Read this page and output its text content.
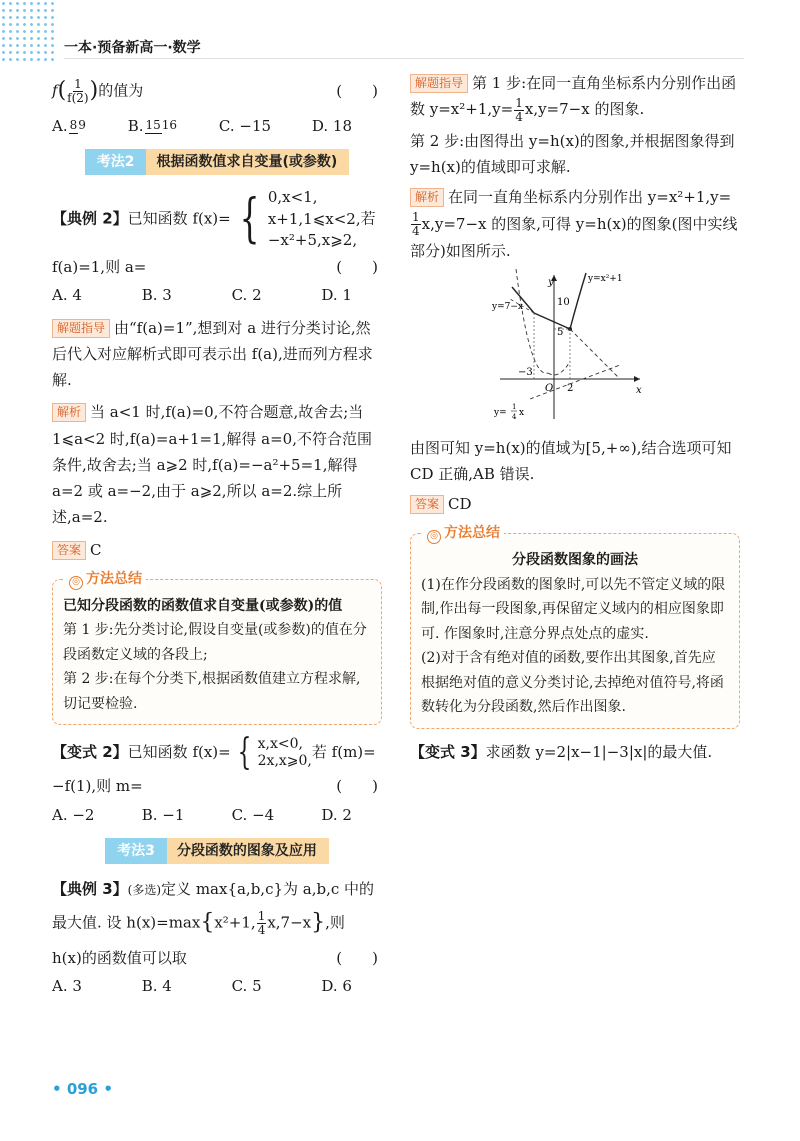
一本·预备新高一·数学
$f( \frac{1}{f(2)}$ )的值为	(　　)
A. 89	B. 1516	C. −15	D. 18
考法2	根据函数值求自变量(或参数)
【典例 2】已知函数 f(x)= { 0,x<1,
x+1,1⩽x<2,
−x²+5,x⩾2,
若
f(a)=1,则 a=	(　　)
A. 4	B. 3	C. 2	D. 1

解题指导 由“f(a)=1”,想到对 a 进行分类讨论,然后代入对应解析式即可表示出 f(a),进而列方程求解.

解析 当 a<1 时,f(a)=0,不符合题意,故舍去;当 1⩽a<2 时,f(a)=a+1=1,解得 a=0,不符合范围条件,故舍去;当 a⩾2 时,f(a)=−a²+5=1,解得 a=2 或 a=−2,由于 a⩾2,所以 a=2.综上所述,a=2.

答案 C

◎ 方法总结

已知分段函数的函数值求自变量(或参数)的值

第 1 步:先分类讨论,假设自变量(或参数)的值在分段函数定义域的各段上;

第 2 步:在每个分类下,根据函数值建立方程求解,切记要检验.

【变式 2】已知函数 f(x)= { x,x<0,
2x,x⩾0, 若 f(m)=
−f(1),则 m=	(　　)
A. −2	B. −1	C. −4	D. 2
考法3	分段函数的图象及应用
【典例 3】(多选)定义 max{a,b,c}为 a,b,c 中的
最大值. 设 h(x)=max{x²+1, $\frac{1}{4} x,7-x$},则
h(x)的函数值可以取	(　　)
A. 3	B. 4	C. 5	D. 6

解题指导 第 1 步:在同一直角坐标系内分别作出函数 $y=x^2+1,y= \frac{1}{4} x,y=7-x$ 的图象.

第 2 步:由图得出 y=h(x)的图象,并根据图象得到 y=h(x)的值域即可求解.

解析 在同一直角坐标系内分别作出 y=x²+1,y=
$\frac{1}{4} x,y=7-x$ 的图象,可得 y=h(x)的图象(图中实线部分)如图所示.

y
x
O
10
5
−3
2
y=x²+1
y=7−x
y=
1
4 x

由图可知 y=h(x)的值域为[5,+∞),结合选项可知 CD 正确,AB 错误.

答案 CD

◎ 方法总结

分段函数图象的画法

(1)在作分段函数的图象时,可以先不管定义域的限制,作出每一段图象,再保留定义域内的相应图象即可. 作图象时,注意分界点处点的虚实.

(2)对于含有绝对值的函数,要作出其图象,首先应根据绝对值的意义分类讨论,去掉绝对值符号,将函数转化为分段函数,然后作出图象.

【变式 3】求函数 y=2|x−1|−3|x|的最大值.

• 096 •
